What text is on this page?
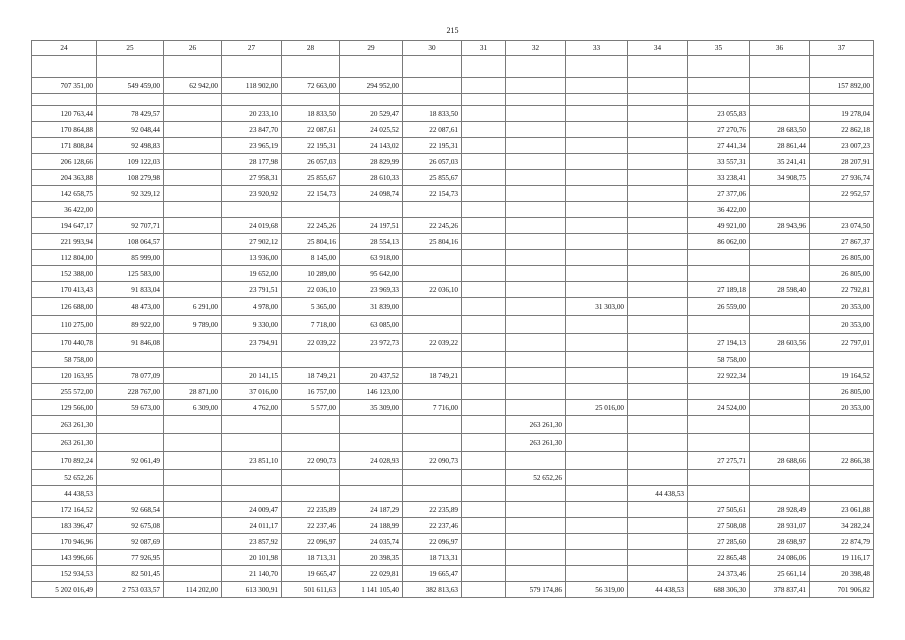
215
24	25	26	27	28	29	30	31	32	33	34	35	36	37

707 351,00	549 459,00	62 942,00	118 902,00	72 663,00	294 952,00								157 892,00

120 763,44	78 429,57		20 233,10	18 833,50	20 529,47	18 833,50					23 055,83		19 278,04
170 864,88	92 048,44		23 847,70	22 087,61	24 025,52	22 087,61					27 270,76	28 683,50	22 862,18
171 808,84	92 498,83		23 965,19	22 195,31	24 143,02	22 195,31					27 441,34	28 861,44	23 007,23
206 128,66	109 122,03		28 177,98	26 057,03	28 829,99	26 057,03					33 557,31	35 241,41	28 207,91
204 363,88	108 279,98		27 958,31	25 855,67	28 610,33	25 855,67					33 238,41	34 908,75	27 936,74
142 658,75	92 329,12		23 920,92	22 154,73	24 098,74	22 154,73					27 377,06		22 952,57
36 422,00											36 422,00		
194 647,17	92 707,71		24 019,68	22 245,26	24 197,51	22 245,26					49 921,00	28 943,96	23 074,50
221 993,94	108 064,57		27 902,12	25 804,16	28 554,13	25 804,16					86 062,00		27 867,37
112 804,00	85 999,00		13 936,00	8 145,00	63 918,00								26 805,00
152 388,00	125 583,00		19 652,00	10 289,00	95 642,00								26 805,00
170 413,43	91 833,04		23 791,51	22 036,10	23 969,33	22 036,10					27 189,18	28 598,40	22 792,81
126 688,00	48 473,00	6 291,00	4 978,00	5 365,00	31 839,00				31 303,00		26 559,00		20 353,00
110 275,00	89 922,00	9 789,00	9 330,00	7 718,00	63 085,00								20 353,00
170 440,78	91 846,08		23 794,91	22 039,22	23 972,73	22 039,22					27 194,13	28 603,56	22 797,01
58 758,00											58 758,00		
120 163,95	78 077,09		20 141,15	18 749,21	20 437,52	18 749,21					22 922,34		19 164,52
255 572,00	228 767,00	28 871,00	37 016,00	16 757,00	146 123,00								26 805,00
129 566,00	59 673,00	6 309,00	4 762,00	5 577,00	35 309,00	7 716,00			25 016,00		24 524,00		20 353,00
263 261,30								263 261,30					
263 261,30								263 261,30					
170 892,24	92 061,49		23 851,10	22 090,73	24 028,93	22 090,73					27 275,71	28 688,66	22 866,38
52 652,26								52 652,26					
44 438,53										44 438,53			
172 164,52	92 668,54		24 009,47	22 235,89	24 187,29	22 235,89					27 505,61	28 928,49	23 061,88
183 396,47	92 675,08		24 011,17	22 237,46	24 188,99	22 237,46					27 508,08	28 931,07	34 282,24
170 946,96	92 087,69		23 857,92	22 096,97	24 035,74	22 096,97					27 285,60	28 698,97	22 874,79
143 996,66	77 926,95		20 101,98	18 713,31	20 398,35	18 713,31					22 865,48	24 086,06	19 116,17
152 934,53	82 501,45		21 140,70	19 665,47	22 029,81	19 665,47					24 373,46	25 661,14	20 398,48
5 202 016,49	2 753 033,57	114 202,00	613 300,91	501 611,63	1 141 105,40	382 813,63		579 174,86	56 319,00	44 438,53	688 306,30	378 837,41	701 906,82
